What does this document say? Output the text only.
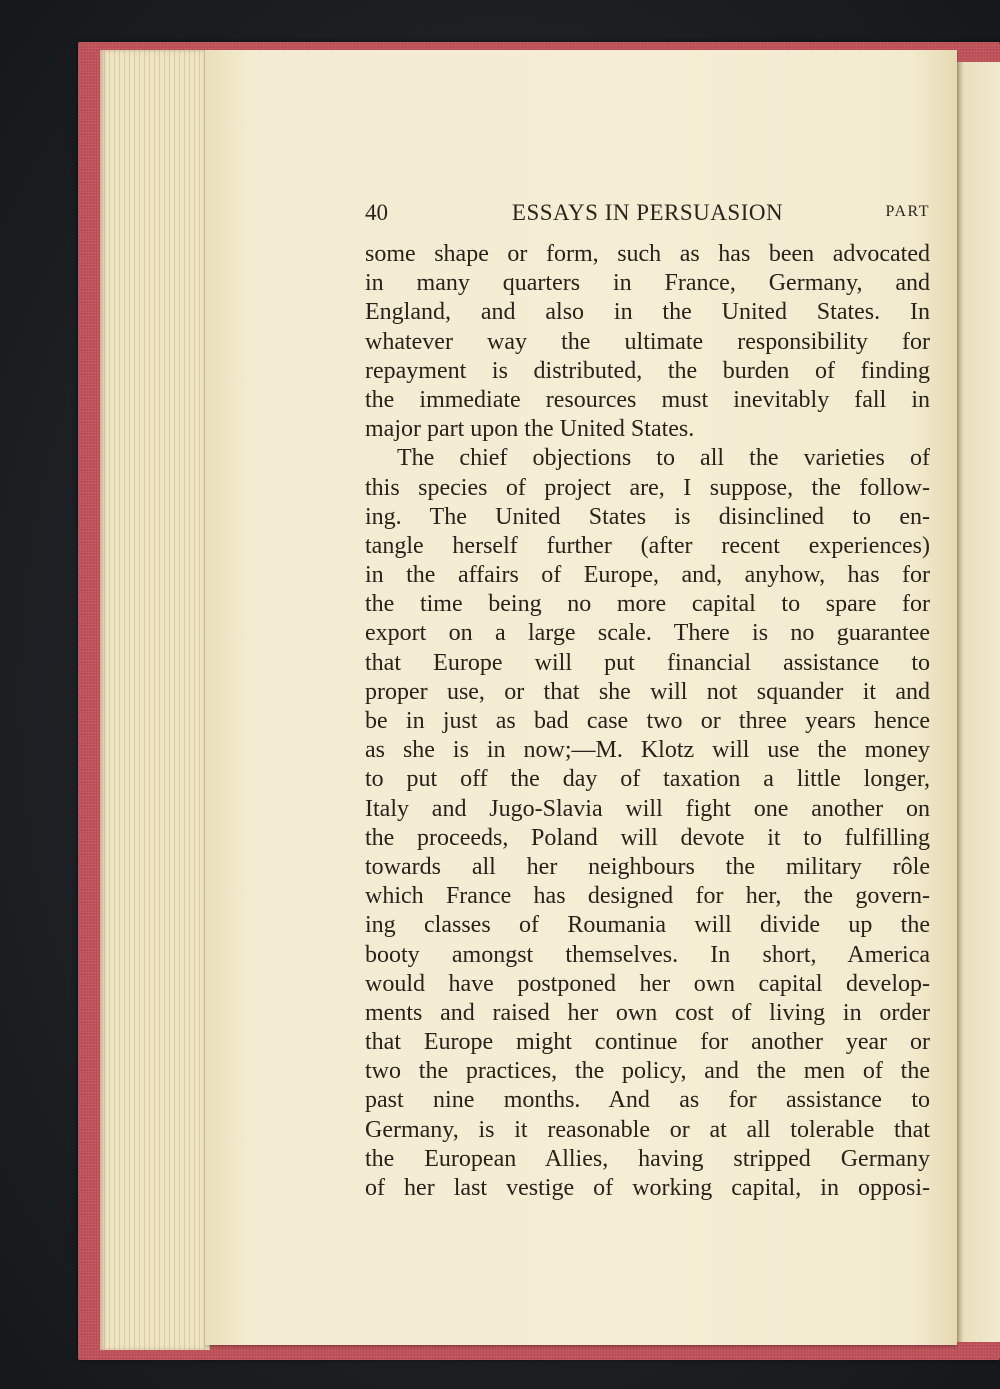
40	ESSAYS IN PERSUASION	PART
some shape or form, such as has been advocated
in many quarters in France, Germany, and
England, and also in the United States. In
whatever way the ultimate responsibility for
repayment is distributed, the burden of finding
the immediate resources must inevitably fall in
major part upon the United States.
The chief objections to all the varieties of
this species of project are, I suppose, the follow-
ing. The United States is disinclined to en-
tangle herself further (after recent experiences)
in the affairs of Europe, and, anyhow, has for
the time being no more capital to spare for
export on a large scale. There is no guarantee
that Europe will put financial assistance to
proper use, or that she will not squander it and
be in just as bad case two or three years hence
as she is in now;—M. Klotz will use the money
to put off the day of taxation a little longer,
Italy and Jugo-Slavia will fight one another on
the proceeds, Poland will devote it to fulfilling
towards all her neighbours the military rôle
which France has designed for her, the govern-
ing classes of Roumania will divide up the
booty amongst themselves. In short, America
would have postponed her own capital develop-
ments and raised her own cost of living in order
that Europe might continue for another year or
two the practices, the policy, and the men of the
past nine months. And as for assistance to
Germany, is it reasonable or at all tolerable that
the European Allies, having stripped Germany
of her last vestige of working capital, in opposi-
